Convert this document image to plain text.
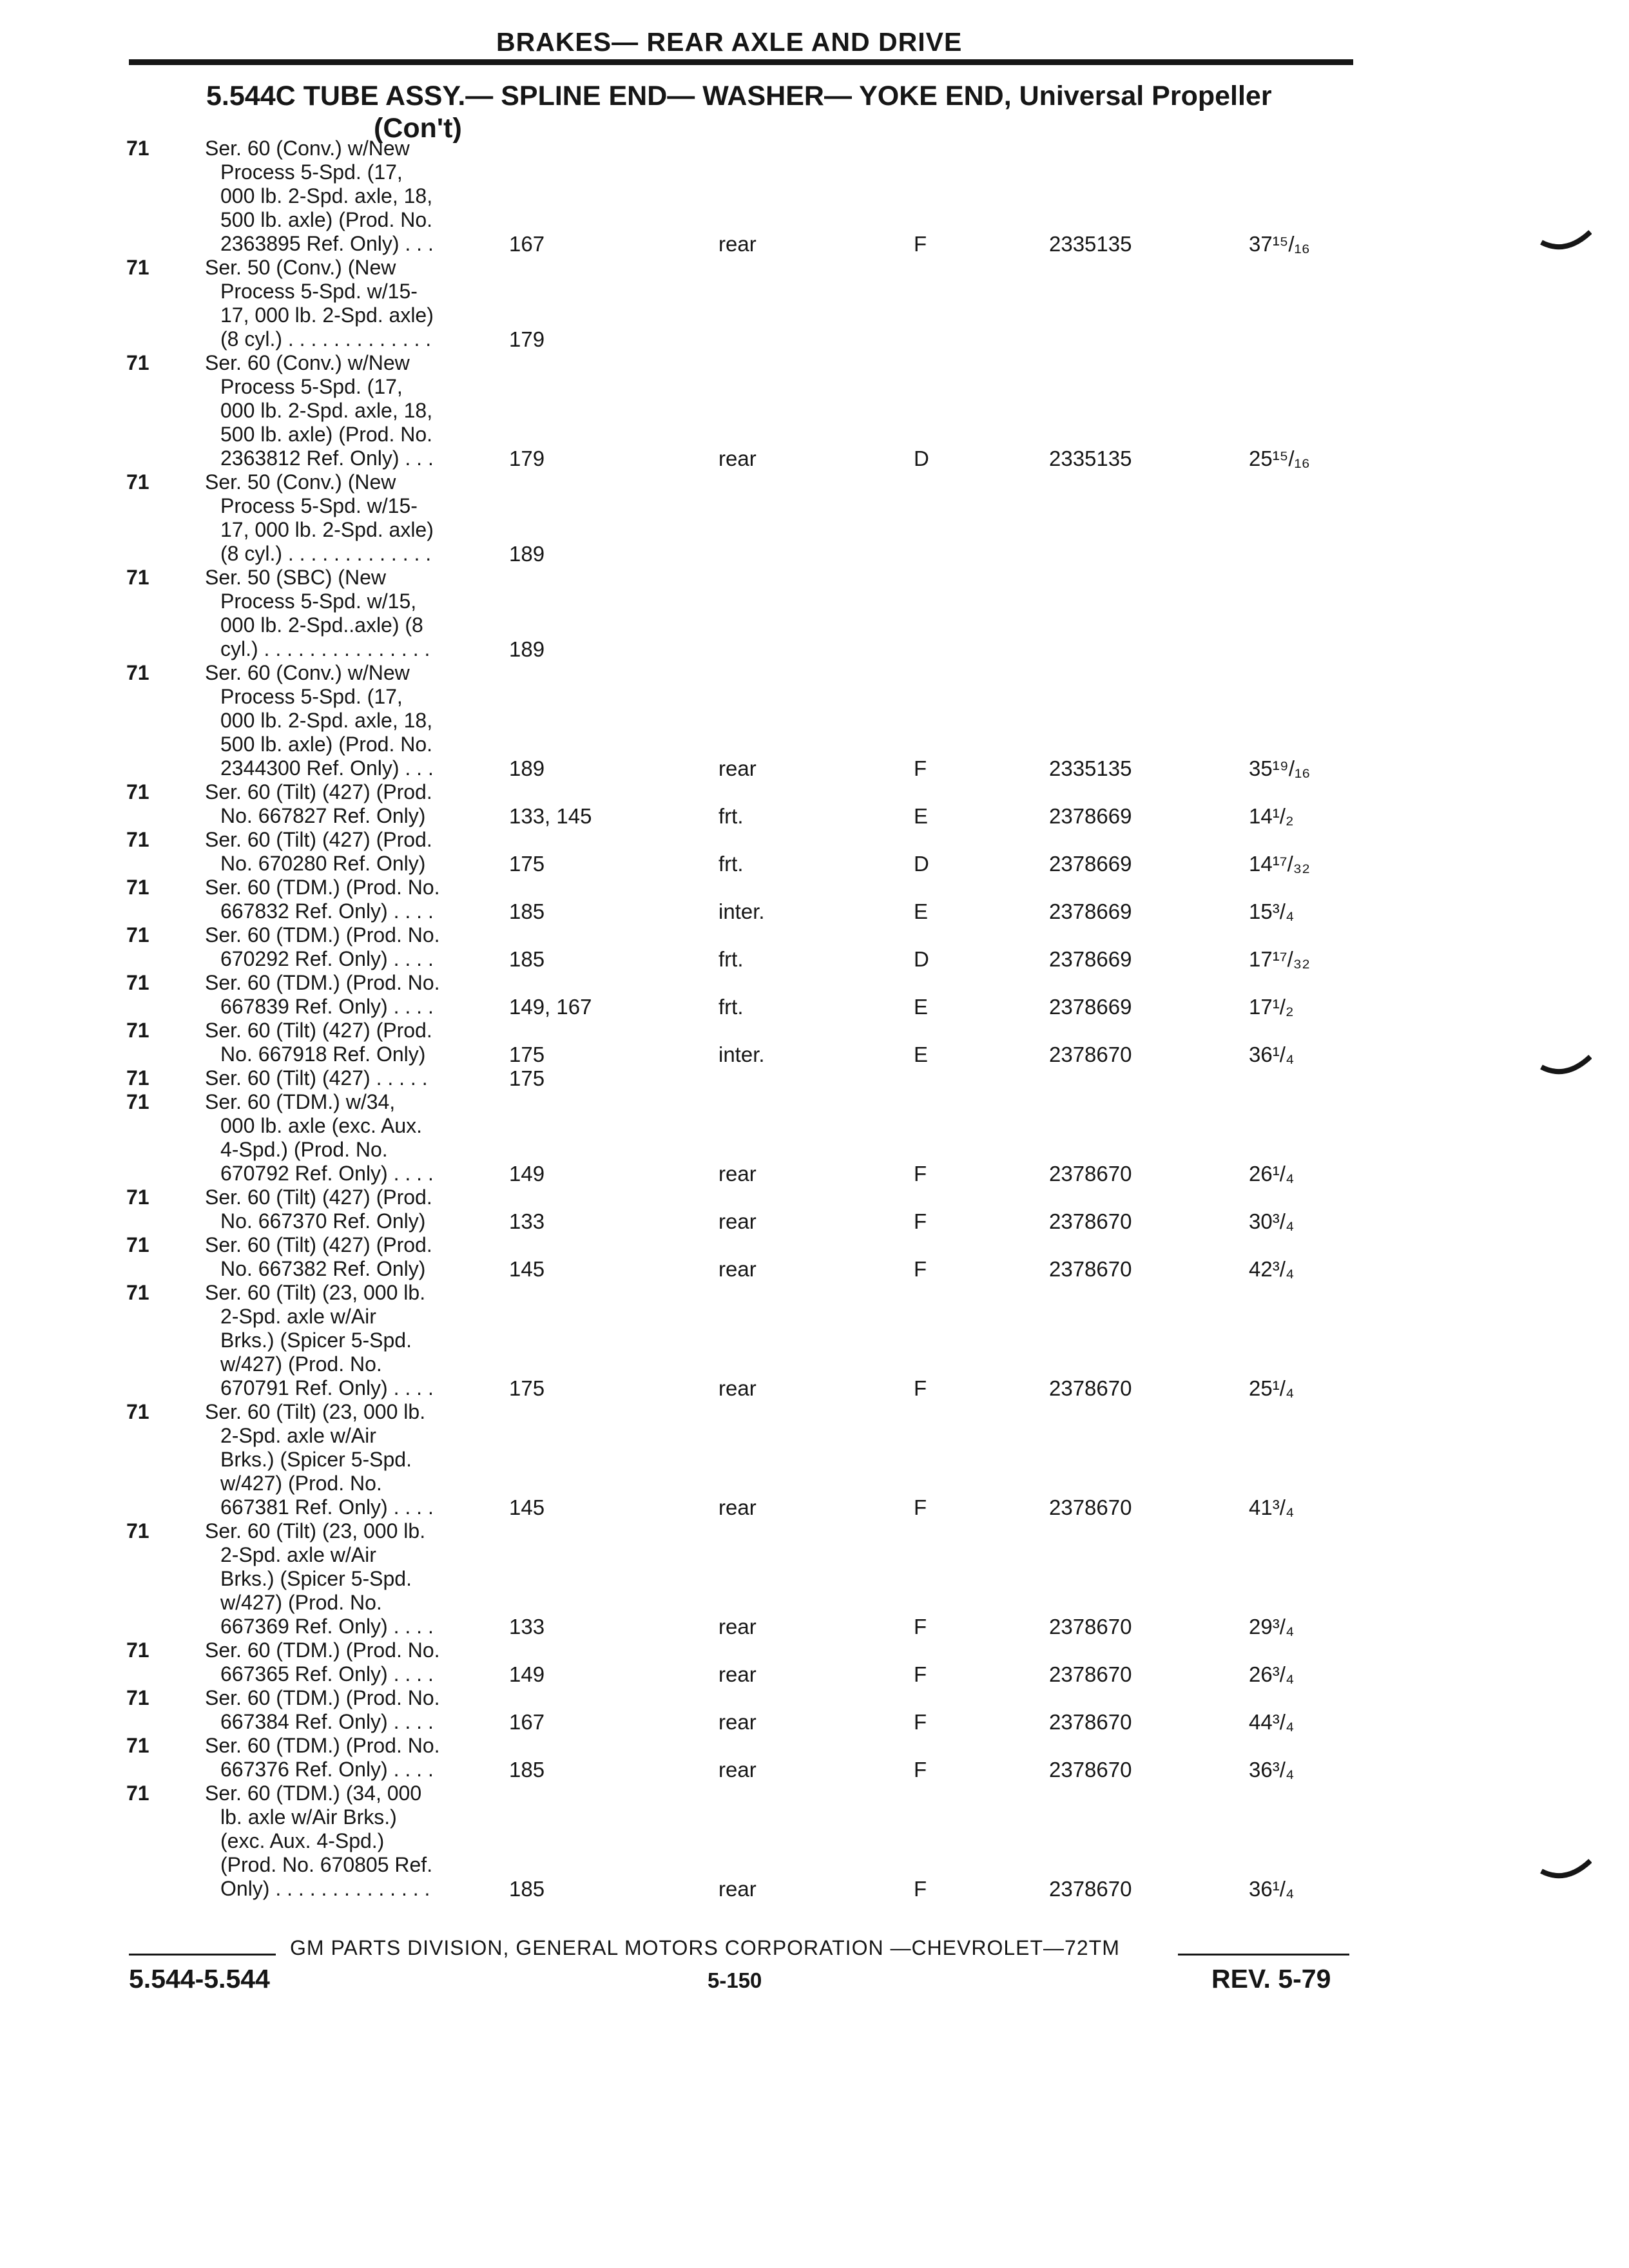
BRAKES— REAR AXLE AND DRIVE
5.544C TUBE ASSY.— SPLINE END— WASHER— YOKE END, Universal Propeller
(Con't)
71	Ser. 60 (Conv.) w/New
Process 5-Spd. (17,
000 lb. 2-Spd. axle, 18,
500 lb. axle) (Prod. No.
2363895 Ref. Only) . . .	167	rear	F	2335135	37¹⁵/₁₆
71	Ser. 50 (Conv.) (New
Process 5-Spd. w/15-
17, 000 lb. 2-Spd. axle)
(8 cyl.) . . . . . . . . . . . . .	179
71	Ser. 60 (Conv.) w/New
Process 5-Spd. (17,
000 lb. 2-Spd. axle, 18,
500 lb. axle) (Prod. No.
2363812 Ref. Only) . . .	179	rear	D	2335135	25¹⁵/₁₆
71	Ser. 50 (Conv.) (New
Process 5-Spd. w/15-
17, 000 lb. 2-Spd. axle)
(8 cyl.) . . . . . . . . . . . . .	189
71	Ser. 50 (SBC) (New
Process 5-Spd. w/15,
000 lb. 2-Spd..axle) (8
cyl.) . . . . . . . . . . . . . . .	189
71	Ser. 60 (Conv.) w/New
Process 5-Spd. (17,
000 lb. 2-Spd. axle, 18,
500 lb. axle) (Prod. No.
2344300 Ref. Only) . . .	189	rear	F	2335135	35¹⁹/₁₆
71	Ser. 60 (Tilt) (427) (Prod.
No. 667827 Ref. Only)	133, 145	frt.	E	2378669	14¹/₂
71	Ser. 60 (Tilt) (427) (Prod.
No. 670280 Ref. Only)	175	frt.	D	2378669	14¹⁷/₃₂
71	Ser. 60 (TDM.) (Prod. No.
667832 Ref. Only) . . . .	185	inter.	E	2378669	15³/₄
71	Ser. 60 (TDM.) (Prod. No.
670292 Ref. Only) . . . .	185	frt.	D	2378669	17¹⁷/₃₂
71	Ser. 60 (TDM.) (Prod. No.
667839 Ref. Only) . . . .	149, 167	frt.	E	2378669	17¹/₂
71	Ser. 60 (Tilt) (427) (Prod.
No. 667918 Ref. Only)	175	inter.	E	2378670	36¹/₄
71	Ser. 60 (Tilt) (427) . . . . .	175
71	Ser. 60 (TDM.) w/34,
000 lb. axle (exc. Aux.
4-Spd.) (Prod. No.
670792 Ref. Only) . . . .	149	rear	F	2378670	26¹/₄
71	Ser. 60 (Tilt) (427) (Prod.
No. 667370 Ref. Only)	133	rear	F	2378670	30³/₄
71	Ser. 60 (Tilt) (427) (Prod.
No. 667382 Ref. Only)	145	rear	F	2378670	42³/₄
71	Ser. 60 (Tilt) (23, 000 lb.
2-Spd. axle w/Air
Brks.) (Spicer 5-Spd.
w/427) (Prod. No.
670791 Ref. Only) . . . .	175	rear	F	2378670	25¹/₄
71	Ser. 60 (Tilt) (23, 000 lb.
2-Spd. axle w/Air
Brks.) (Spicer 5-Spd.
w/427) (Prod. No.
667381 Ref. Only) . . . .	145	rear	F	2378670	41³/₄
71	Ser. 60 (Tilt) (23, 000 lb.
2-Spd. axle w/Air
Brks.) (Spicer 5-Spd.
w/427) (Prod. No.
667369 Ref. Only) . . . .	133	rear	F	2378670	29³/₄
71	Ser. 60 (TDM.) (Prod. No.
667365 Ref. Only) . . . .	149	rear	F	2378670	26³/₄
71	Ser. 60 (TDM.) (Prod. No.
667384 Ref. Only) . . . .	167	rear	F	2378670	44³/₄
71	Ser. 60 (TDM.) (Prod. No.
667376 Ref. Only) . . . .	185	rear	F	2378670	36³/₄
71	Ser. 60 (TDM.) (34, 000
lb. axle w/Air Brks.)
(exc. Aux. 4-Spd.)
(Prod. No. 670805 Ref.
Only) . . . . . . . . . . . . . .	185	rear	F	2378670	36¹/₄
GM PARTS DIVISION, GENERAL MOTORS CORPORATION —CHEVROLET—72TM
5.544-5.544	5-150	REV. 5-79
